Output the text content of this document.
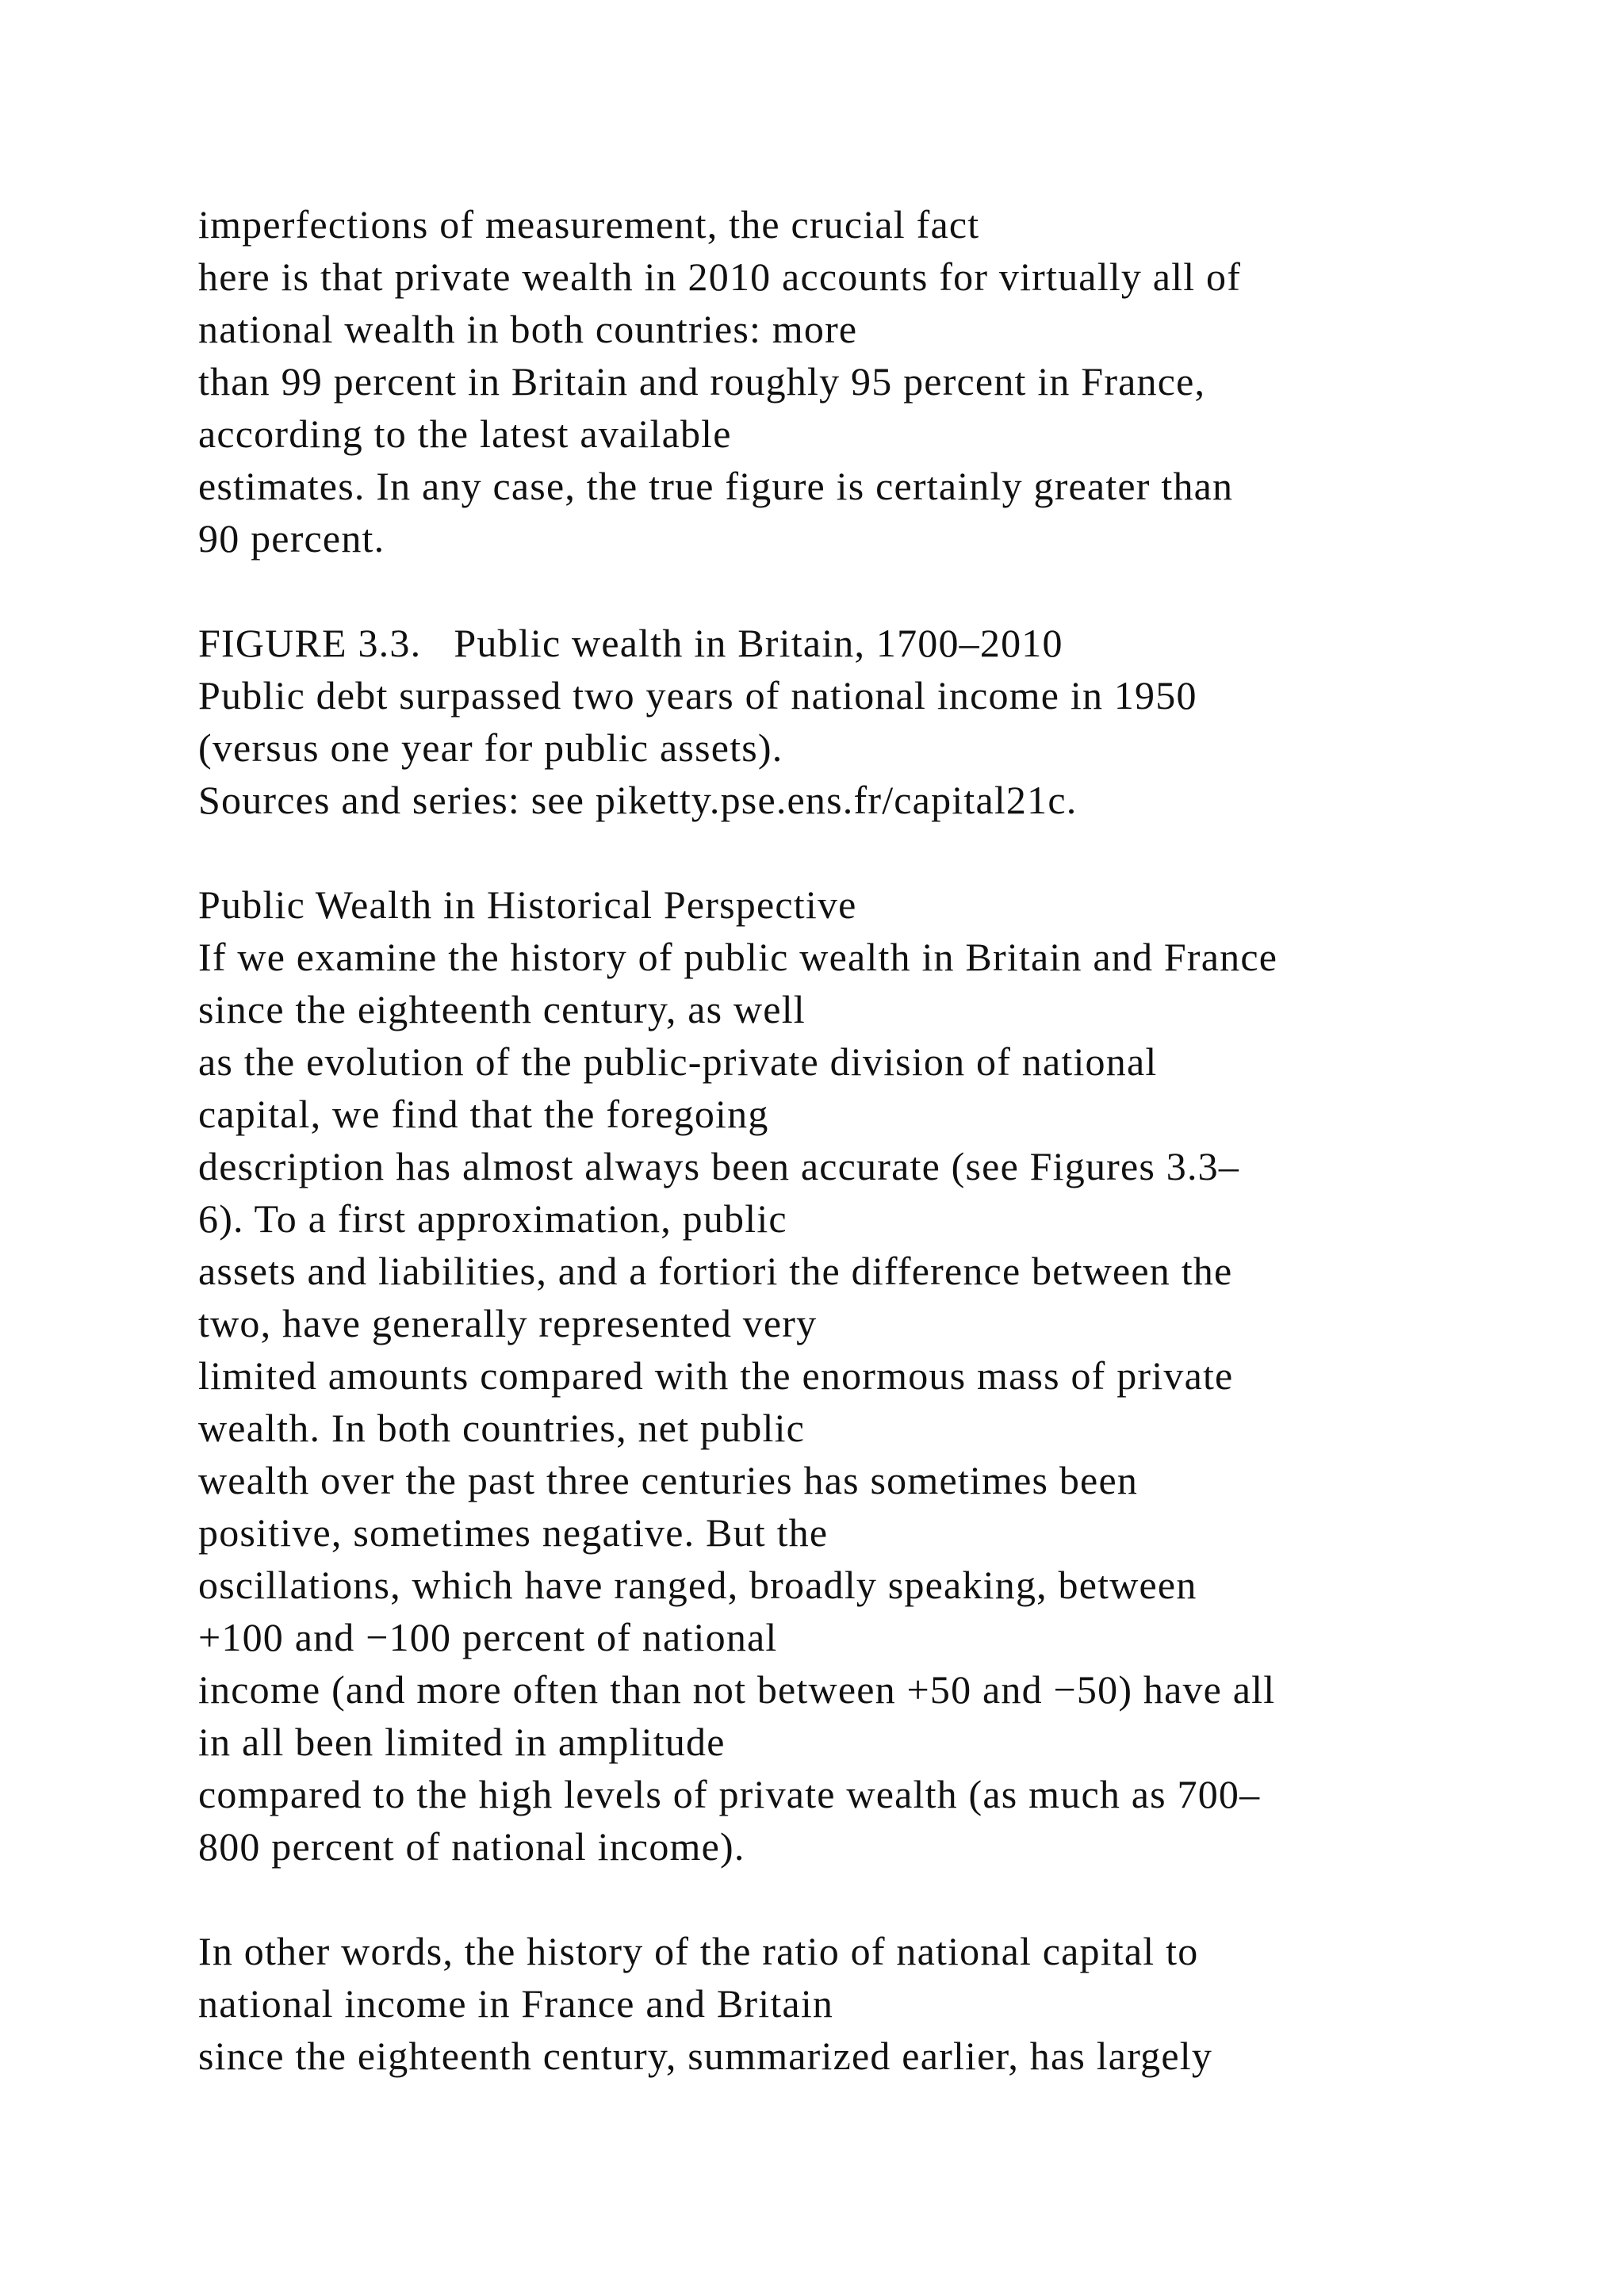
imperfections of measurement, the crucial fact
here is that private wealth in 2010 accounts for virtually all of
national wealth in both countries: more
than 99 percent in Britain and roughly 95 percent in France,
according to the latest available
estimates. In any case, the true figure is certainly greater than
90 percent.
FIGURE 3.3.   Public wealth in Britain, 1700–2010
Public debt surpassed two years of national income in 1950
(versus one year for public assets).
Sources and series: see piketty.pse.ens.fr/capital21c.
Public Wealth in Historical Perspective
If we examine the history of public wealth in Britain and France
since the eighteenth century, as well
as the evolution of the public-private division of national
capital, we find that the foregoing
description has almost always been accurate (see Figures 3.3–
6). To a first approximation, public
assets and liabilities, and a fortiori the difference between the
two, have generally represented very
limited amounts compared with the enormous mass of private
wealth. In both countries, net public
wealth over the past three centuries has sometimes been
positive, sometimes negative. But the
oscillations, which have ranged, broadly speaking, between
+100 and −100 percent of national
income (and more often than not between +50 and −50) have all
in all been limited in amplitude
compared to the high levels of private wealth (as much as 700–
800 percent of national income).
In other words, the history of the ratio of national capital to
national income in France and Britain
since the eighteenth century, summarized earlier, has largely
